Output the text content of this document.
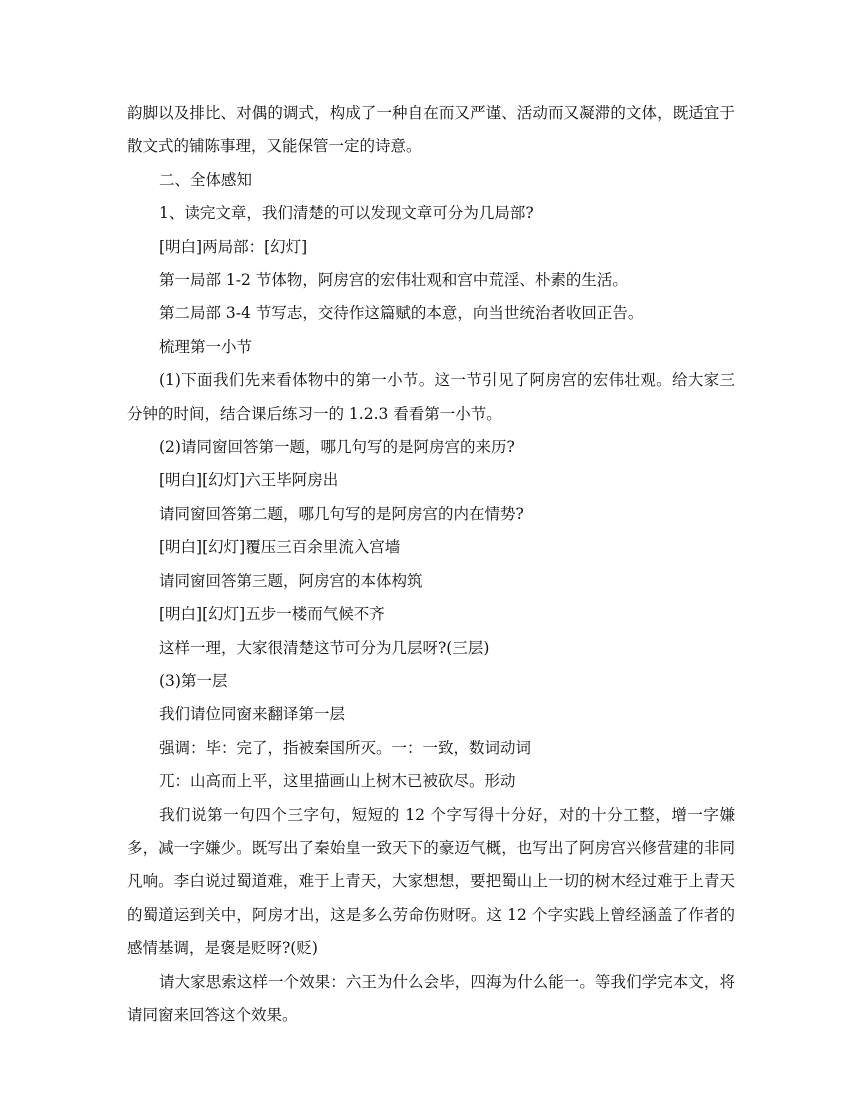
韵脚以及排比、对偶的调式，构成了一种自在而又严谨、活动而又凝滞的文体，既适宜于散文式的铺陈事理，又能保管一定的诗意。

二、全体感知

1、读完文章，我们清楚的可以发现文章可分为几局部?

[明白]两局部：[幻灯]

第一局部 1-2 节体物，阿房宫的宏伟壮观和宫中荒淫、朴素的生活。

第二局部 3-4 节写志，交待作这篇赋的本意，向当世统治者收回正告。

梳理第一小节

(1)下面我们先来看体物中的第一小节。这一节引见了阿房宫的宏伟壮观。给大家三分钟的时间，结合课后练习一的 1.2.3 看看第一小节。

(2)请同窗回答第一题，哪几句写的是阿房宫的来历?

[明白][幻灯]六王毕阿房出

请同窗回答第二题，哪几句写的是阿房宫的内在情势?

[明白][幻灯]覆压三百余里流入宫墙

请同窗回答第三题，阿房宫的本体构筑

[明白][幻灯]五步一楼而气候不齐

这样一理，大家很清楚这节可分为几层呀?(三层)

(3)第一层

我们请位同窗来翻译第一层

强调：毕：完了，指被秦国所灭。一：一致，数词动词

兀：山高而上平，这里描画山上树木已被砍尽。形动

我们说第一句四个三字句，短短的 12 个字写得十分好，对的十分工整，增一字嫌多，减一字嫌少。既写出了秦始皇一致天下的豪迈气概，也写出了阿房宫兴修营建的非同凡响。李白说过蜀道难，难于上青天，大家想想，要把蜀山上一切的树木经过难于上青天的蜀道运到关中，阿房才出，这是多么劳命伤财呀。这 12 个字实践上曾经涵盖了作者的感情基调，是褒是贬呀?(贬)

请大家思索这样一个效果：六王为什么会毕，四海为什么能一。等我们学完本文，将请同窗来回答这个效果。
